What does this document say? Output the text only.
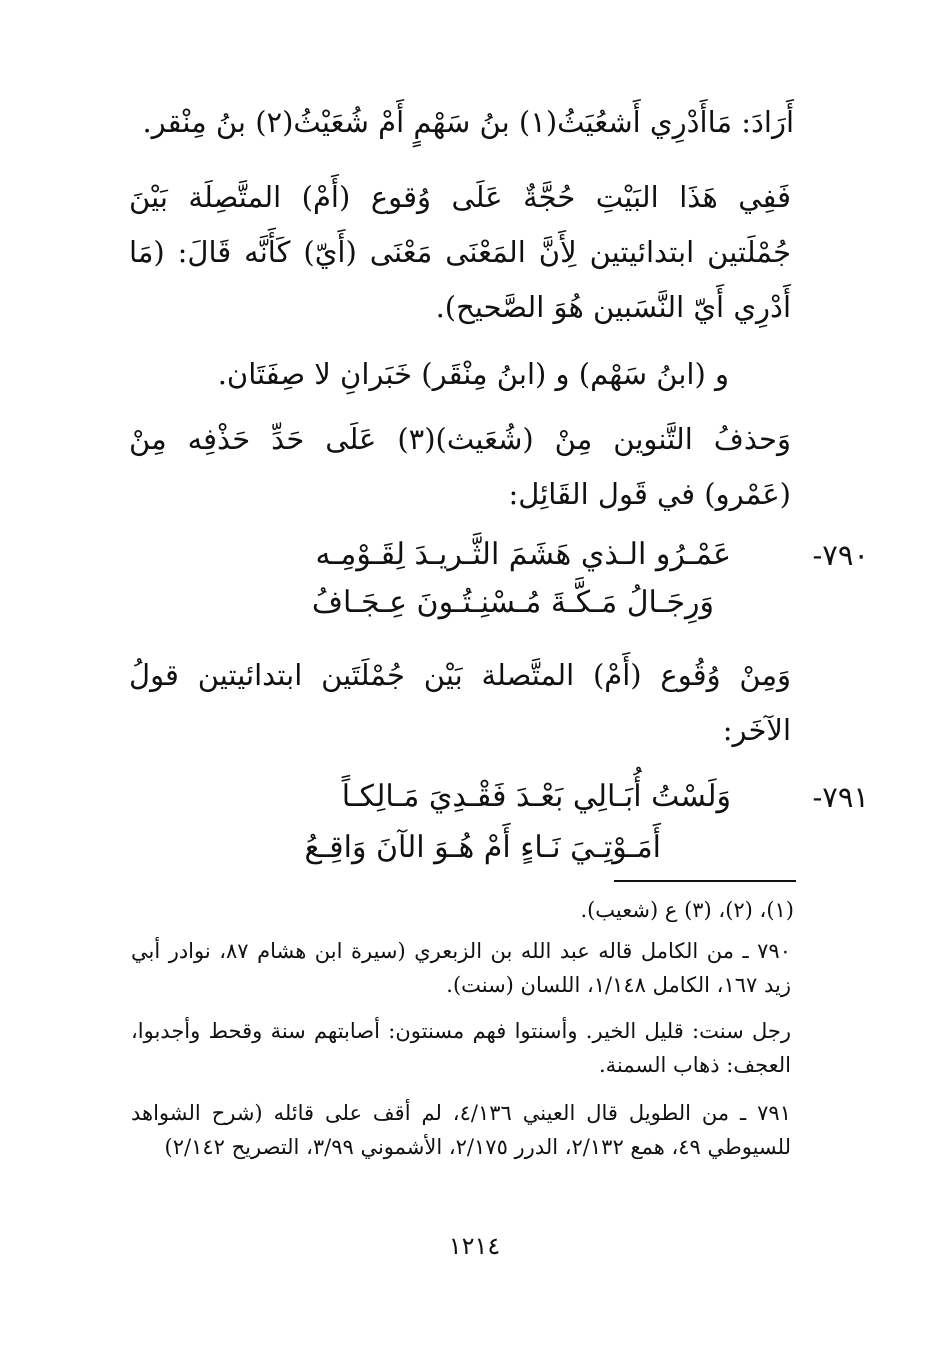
أَرَادَ: مَاأَدْرِي أَشعُيَثُ(١) بنُ سَهْمٍ أَمْ شُعَيْثُ(٢) بنُ مِنْقر.

فَفِي هَذَا البَيْتِ حُجَّةٌ عَلَى وُقوع (أَمْ) المتَّصِلَة بَيْنَ جُمْلَتين ابتدائيتين لِأَنَّ المَعْنَى مَعْنَى (أَيّ) كَأَنَّه قَالَ: (مَا أَدْرِي أَيّ النَّسَبين هُوَ الصَّحيح).

و (ابنُ سَهْم) و (ابنُ مِنْقَر) خَبَرانِ لا صِفَتَان.

وَحذفُ التَّنوين مِنْ (شُعَيث)(٣) عَلَى حَدِّ حَذْفِه مِنْ (عَمْرو) في قَول القَائِل:

٧٩٠-
عَمْـرُو الـذي هَشَمَ الثَّـريـدَ لِقَـوْمِـه
وَرِجَـالُ مَـكَّـةَ مُـسْنِـتُـونَ عِـجَـافُ

وَمِنْ وُقُوع (أَمْ) المتَّصلة بَيْن جُمْلَتَين ابتدائيتين قولُ الآخَر:

٧٩١-
وَلَسْتُ أُبَـالِي بَعْـدَ فَقْـدِيَ مَـالِكـاً
أَمَـوْتِـيَ نَـاءٍ أَمْ هُـوَ الآنَ وَاقِـعُ

(١)، (٢)، (٣) ع (شعيب).

٧٩٠ ـ من الكامل قاله عبد الله بن الزبعري (سيرة ابن هشام ٨٧، نوادر أبي زيد ١٦٧، الكامل ١/١٤٨، اللسان (سنت).

رجل سنت: قليل الخير. وأسنتوا فهم مسنتون: أصابتهم سنة وقحط وأجدبوا، العجف: ذهاب السمنة.

٧٩١ ـ من الطويل قال العيني ٤/١٣٦، لم أقف على قائله (شرح الشواهد للسيوطي ٤٩، همع ٢/١٣٢، الدرر ٢/١٧٥، الأشموني ٣/٩٩، التصريح ٢/١٤٢)

١٢١٤
